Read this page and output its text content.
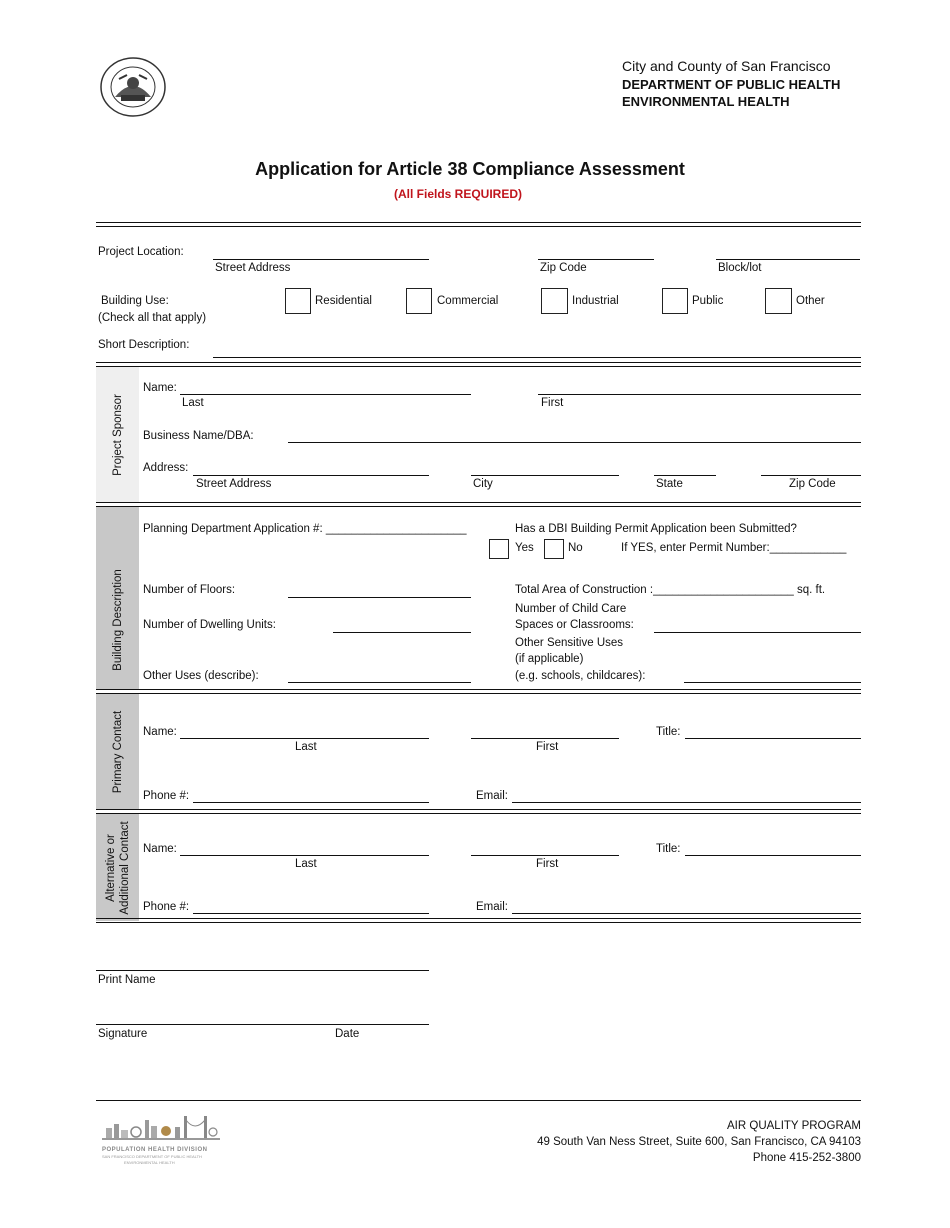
City and County of San Francisco
DEPARTMENT OF PUBLIC HEALTH
ENVIRONMENTAL HEALTH
Application for Article 38 Compliance Assessment
(All Fields REQUIRED)
Project Location:
Street Address	Zip Code	Block/lot
Building Use:
(Check all that apply)
Residential	Commercial	Industrial	Public	Other
Short Description:
Project Sponsor
Name:
Last	First
Business Name/DBA:
Address:
Street Address	City	State	Zip Code
Building Description
Planning Department Application #: ______________________	Has a DBI Building Permit Application been Submitted?
Yes	No	If YES, enter Permit Number:____________
Number of Floors:	Total Area of Construction :______________________ sq. ft.
Number of Dwelling Units:
Number of Child Care
Spaces or Classrooms:
Other Sensitive Uses
(if applicable)
(e.g. schools, childcares):
Other Uses (describe):
Primary Contact Name:
Last	First
Title:
Phone #:	Email:
Alternative or Additional Contact Name:
Last	First
Title:
Phone #:	Email:
Print Name
Signature	Date
POPULATION HEALTH DIVISION
SAN FRANCISCO DEPARTMENT OF PUBLIC HEALTH
ENVIRONMENTAL HEALTH
AIR QUALITY PROGRAM
49 South Van Ness Street, Suite 600, San Francisco, CA 94103
Phone 415-252-3800
